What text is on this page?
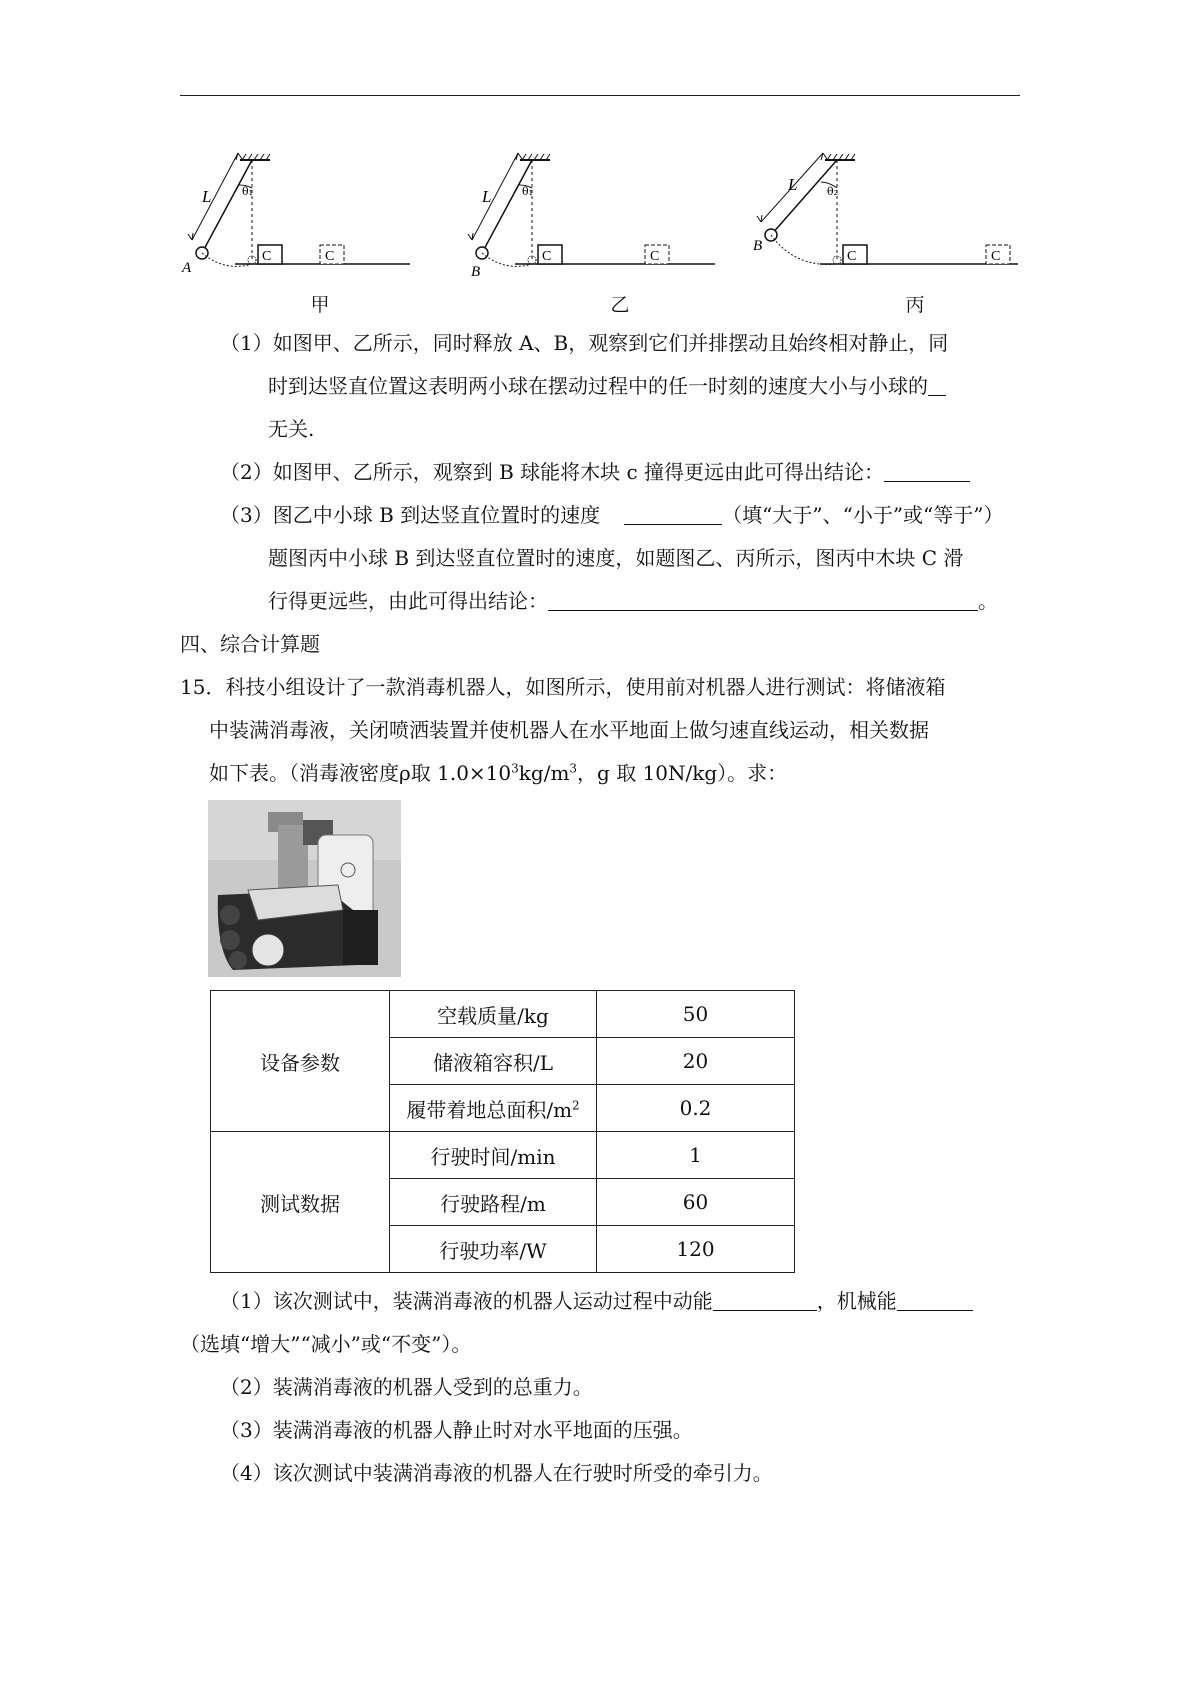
C	C
L	θ₁
A
甲
C	C
L	θ₁
B
乙
C	C
L	θ₂
B
丙
（1）如图甲、乙所示，同时释放 A、B，观察到它们并排摆动且始终相对静止，同
时到达竖直位置这表明两小球在摆动过程中的任一时刻的速度大小与小球的
无关.
（2）如图甲、乙所示，观察到 B 球能将木块 c 撞得更远由此可得出结论：
（3）图乙中小球 B 到达竖直位置时的速度	（填“大于”、“小于”或“等于”）
题图丙中小球 B 到达竖直位置时的速度，如题图乙、丙所示，图丙中木块 C 滑
行得更远些，由此可得出结论：	。
四、综合计算题
15．科技小组设计了一款消毒机器人，如图所示，使用前对机器人进行测试：将储液箱
中装满消毒液，关闭喷洒装置并使机器人在水平地面上做匀速直线运动，相关数据
如下表。（消毒液密度ρ取 $1.0\times 10^3kg/m^3$，g 取 10N/kg）。求：
设备参数	空载质量/kg	50
	储液箱容积/L	20
	履带着地总面积$/m^2$	0.2
测试数据	行驶时间/min	1
	行驶路程/m	60
	行驶功率/W	120
（1）该次测试中，装满消毒液的机器人运动过程中动能	，机械能
（选填“增大”“减小”或“不变”）。
（2）装满消毒液的机器人受到的总重力。
（3）装满消毒液的机器人静止时对水平地面的压强。
（4）该次测试中装满消毒液的机器人在行驶时所受的牵引力。
